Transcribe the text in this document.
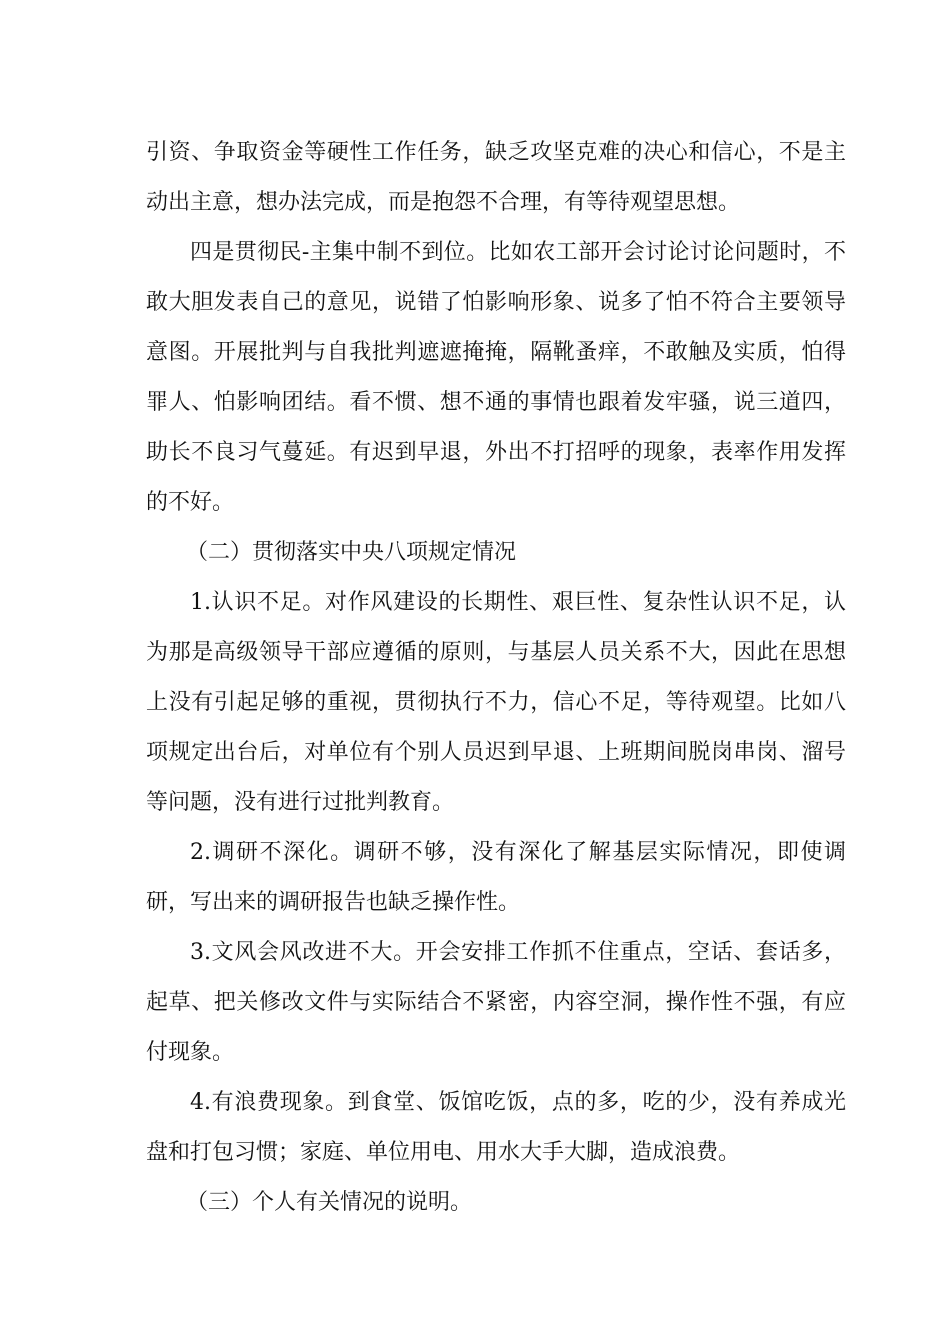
引资、争取资金等硬性工作任务，缺乏攻坚克难的决心和信心，不是主动出主意，想办法完成，而是抱怨不合理，有等待观望思想。

四是贯彻民-主集中制不到位。比如农工部开会讨论讨论问题时，不敢大胆发表自己的意见，说错了怕影响形象、说多了怕不符合主要领导意图。开展批判与自我批判遮遮掩掩，隔靴蚤痒，不敢触及实质，怕得罪人、怕影响团结。看不惯、想不通的事情也跟着发牢骚，说三道四，助长不良习气蔓延。有迟到早退，外出不打招呼的现象，表率作用发挥的不好。

（二）贯彻落实中央八项规定情况

1.认识不足。对作风建设的长期性、艰巨性、复杂性认识不足，认为那是高级领导干部应遵循的原则，与基层人员关系不大，因此在思想上没有引起足够的重视，贯彻执行不力，信心不足，等待观望。比如八项规定出台后，对单位有个别人员迟到早退、上班期间脱岗串岗、溜号等问题，没有进行过批判教育。

2.调研不深化。调研不够，没有深化了解基层实际情况，即使调研，写出来的调研报告也缺乏操作性。

3.文风会风改进不大。开会安排工作抓不住重点，空话、套话多，起草、把关修改文件与实际结合不紧密，内容空洞，操作性不强，有应付现象。

4.有浪费现象。到食堂、饭馆吃饭，点的多，吃的少，没有养成光盘和打包习惯；家庭、单位用电、用水大手大脚，造成浪费。

（三）个人有关情况的说明。
